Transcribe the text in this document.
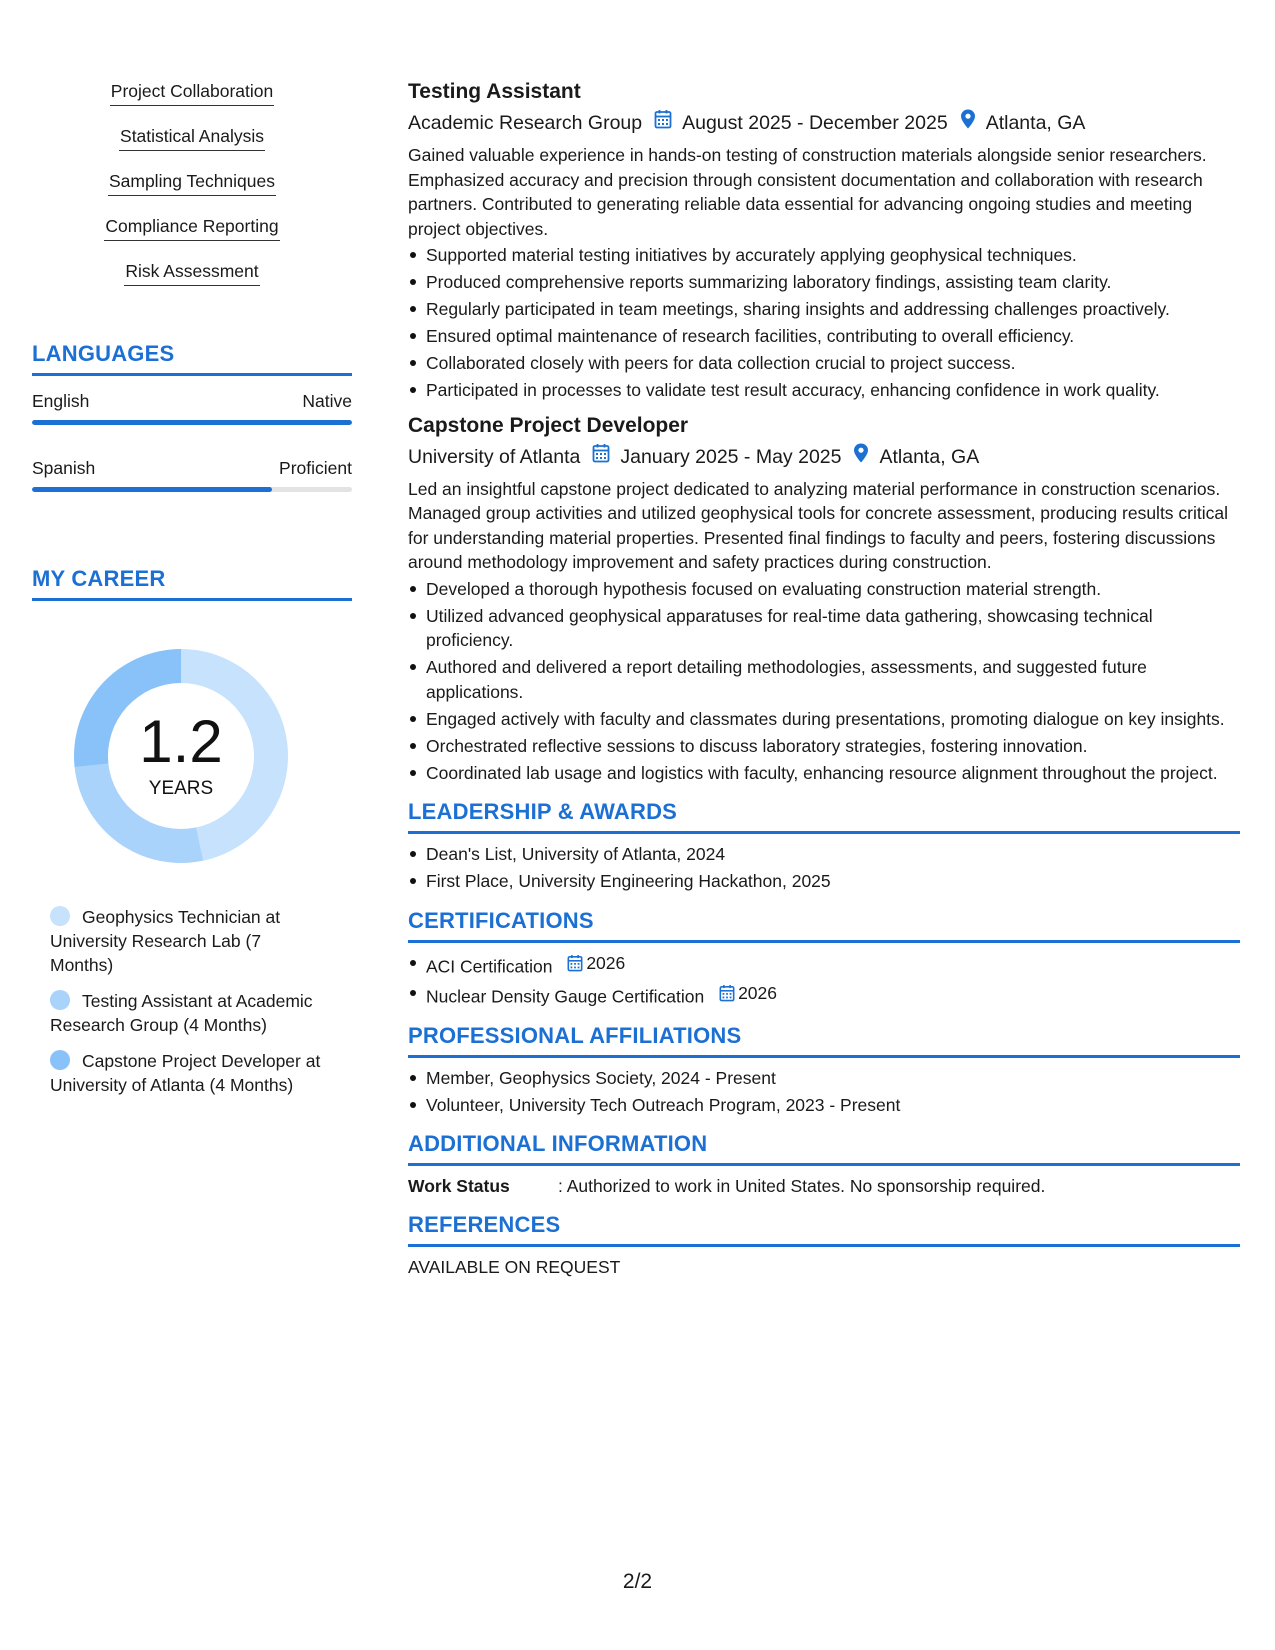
Project Collaboration
Statistical Analysis
Sampling Techniques
Compliance Reporting
Risk Assessment
LANGUAGES
English	Native
Spanish	Proficient
MY CAREER
1.2
YEARS
Geophysics Technician at University Research Lab (7 Months)
Testing Assistant at Academic Research Group (4 Months)
Capstone Project Developer at University of Atlanta (4 Months)
Testing Assistant
Academic Research Group August 2025 - December 2025 Atlanta, GA
Gained valuable experience in hands-on testing of construction materials alongside senior researchers. Emphasized accuracy and precision through consistent documentation and collaboration with research partners. Contributed to generating reliable data essential for advancing ongoing studies and meeting project objectives.
Supported material testing initiatives by accurately applying geophysical techniques.
Produced comprehensive reports summarizing laboratory findings, assisting team clarity.
Regularly participated in team meetings, sharing insights and addressing challenges proactively.
Ensured optimal maintenance of research facilities, contributing to overall efficiency.
Collaborated closely with peers for data collection crucial to project success.
Participated in processes to validate test result accuracy, enhancing confidence in work quality.
Capstone Project Developer
University of Atlanta January 2025 - May 2025 Atlanta, GA
Led an insightful capstone project dedicated to analyzing material performance in construction scenarios. Managed group activities and utilized geophysical tools for concrete assessment, producing results critical for understanding material properties. Presented final findings to faculty and peers, fostering discussions around methodology improvement and safety practices during construction.
Developed a thorough hypothesis focused on evaluating construction material strength.
Utilized advanced geophysical apparatuses for real-time data gathering, showcasing technical proficiency.
Authored and delivered a report detailing methodologies, assessments, and suggested future applications.
Engaged actively with faculty and classmates during presentations, promoting dialogue on key insights.
Orchestrated reflective sessions to discuss laboratory strategies, fostering innovation.
Coordinated lab usage and logistics with faculty, enhancing resource alignment throughout the project.
LEADERSHIP & AWARDS
Dean's List, University of Atlanta, 2024
First Place, University Engineering Hackathon, 2025
CERTIFICATIONS
ACI Certification 2026
Nuclear Density Gauge Certification 2026
PROFESSIONAL AFFILIATIONS
Member, Geophysics Society, 2024 - Present
Volunteer, University Tech Outreach Program, 2023 - Present
ADDITIONAL INFORMATION
Work Status	: Authorized to work in United States. No sponsorship required.
REFERENCES
AVAILABLE ON REQUEST
2/2
